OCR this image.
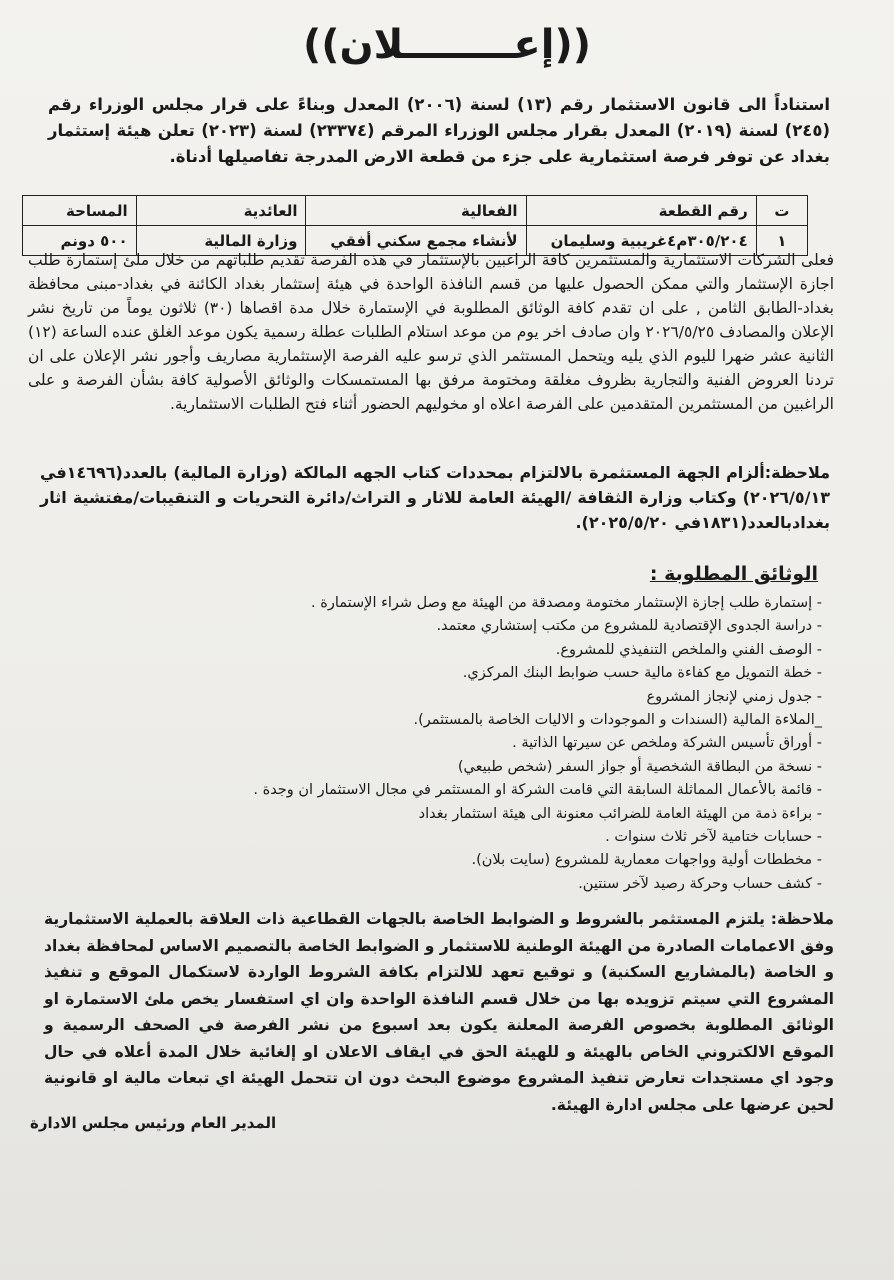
((إعــــــــلان))
استناداً الى قانون الاستثمار رقم (١٣) لسنة (٢٠٠٦) المعدل وبناءً على قرار مجلس الوزراء رقم (٢٤٥) لسنة (٢٠١٩) المعدل بقرار مجلس الوزراء المرقم (٢٣٣٧٤) لسنة (٢٠٢٣) تعلن هيئة إستثمار بغداد عن توفر فرصة استثمارية على جزء من قطعة الارض المدرجة تفاصيلها أدناة.
ت	رقم القطعة	الفعالية	العائدية	المساحة
١	٣٠٥/٢٠٤م٤غريبية وسليمان	لأنشاء مجمع سكني أفقي	وزارة المالية	٥٠٠ دونم
فعلى الشركات الاستثمارية والمستثمرين كافة الراغبين بالإستثمار في هذه الفرصة تقديم طلباتهم من خلال ملئ إستمارة طلب اجازة الإستثمار والتي ممكن الحصول عليها من قسم النافذة الواحدة في هيئة إستثمار بغداد الكائنة في بغداد-مبنى محافظة بغداد-الطابق الثامن , على ان تقدم كافة الوثائق المطلوبة في الإستمارة خلال مدة اقصاها (٣٠) ثلاثون يوماً من تاريخ نشر الإعلان والمصادف ٢٠٢٦/٥/٢٥ وان صادف اخر يوم من موعد استلام الطلبات عطلة رسمية يكون موعد الغلق عنده الساعة (١٢) الثانية عشر ضهرا لليوم الذي يليه ويتحمل المستثمر الذي ترسو عليه الفرصة الإستثمارية مصاريف وأجور نشر الإعلان على ان تردنا العروض الفنية والتجارية بظروف مغلقة ومختومة مرفق بها المستمسكات والوثائق الأصولية كافة بشأن الفرصة و على الراغبين من المستثمرين المتقدمين على الفرصة اعلاه او مخوليهم الحضور أثناء فتح الطلبات الاستثمارية.
ملاحظة:ألزام الجهة المستثمرة بالالتزام بمحددات كتاب الجهه المالكة (وزارة المالية) بالعدد(١٤٦٩٦في ٢٠٢٦/٥/١٣) وكتاب وزارة الثقافة /الهيئة العامة للاثار و التراث/دائرة التحريات و التنقيبات/مفتشية اثار بغدادبالعدد(١٨٣١في ٢٠٢٥/٥/٢٠).
الوثائق المطلوبة :
- إستمارة طلب إجازة الإستثمار مختومة ومصدقة من الهيئة مع وصل شراء الإستمارة .
- دراسة الجدوى الإقتصادية للمشروع من مكتب إستشاري معتمد.
- الوصف الفني والملخص التنفيذي للمشروع.
- خطة التمويل مع كفاءة مالية حسب ضوابط البنك المركزي.
- جدول زمني لإنجاز المشروع
_الملاءة المالية (السندات و الموجودات و الاليات الخاصة بالمستثمر).
- أوراق تأسيس الشركة وملخص عن سيرتها الذاتية .
- نسخة من البطاقة الشخصية أو جواز السفر (شخص طبيعي)
- قائمة بالأعمال المماثلة السابقة التي قامت الشركة او المستثمر في مجال الاستثمار ان وجدة .
- براءة ذمة من الهيئة العامة للضرائب معنونة الى هيئة استثمار بغداد
- حسابات ختامية لآخر ثلاث سنوات .
- مخططات أولية وواجهات معمارية للمشروع (سايت بلان).
- كشف حساب وحركة رصيد لآخر سنتين.
ملاحظة: يلتزم المستثمر بالشروط و الضوابط الخاصة بالجهات القطاعية ذات العلاقة بالعملية الاستثمارية وفق الاعمامات الصادرة من الهيئة الوطنية للاستثمار و الضوابط الخاصة بالتصميم الاساس لمحافظة بغداد و الخاصة (بالمشاريع السكنية) و توقيع تعهد للالتزام بكافة الشروط الواردة لاستكمال الموقع و تنفيذ المشروع التي سيتم تزويده بها من خلال قسم النافذة الواحدة وان اي استفسار يخص ملئ الاستمارة او الوثائق المطلوبة بخصوص الفرصة المعلنة يكون بعد اسبوع من نشر الفرصة في الصحف الرسمية و الموقع الالكتروني الخاص بالهيئة و للهيئة الحق في ايقاف الاعلان او إلغائية خلال المدة أعلاه في حال وجود اي مستجدات تعارض تنفيذ المشروع موضوع البحث دون ان تتحمل الهيئة اي تبعات مالية او قانونية لحين عرضها على مجلس ادارة الهيئة.
المدير العام ورئيس مجلس الادارة
